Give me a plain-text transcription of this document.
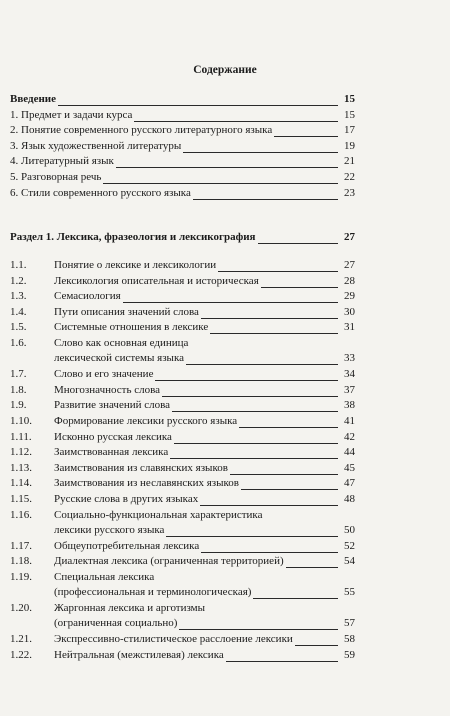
Содержание
Введение	15
1. Предмет и задачи курса	15
2. Понятие современного русского литературного языка	17
3. Язык художественной литературы	19
4. Литературный язык	21
5. Разговорная речь	22
6. Стили современного русского языка	23
Раздел 1. Лексика, фразеология и лексикография	27
1.1.	Понятие о лексике и лексикологии	27
1.2.	Лексикология описательная и историческая	28
1.3.	Семасиология	29
1.4.	Пути описания значений слова	30
1.5.	Системные отношения в лексике	31
1.6.	Слово как основная единица
лексической системы языка	33
1.7.	Слово и его значение	34
1.8.	Многозначность слова	37
1.9.	Развитие значений слова	38
1.10. Формирование лексики русского языка	41
1.11. Исконно русская лексика	42
1.12. Заимствованная лексика	44
1.13. Заимствования из славянских языков	45
1.14. Заимствования из неславянских языков	47
1.15. Русские слова в других языках	48
1.16. Социально-функциональная характеристика
лексики русского языка	50
1.17. Общеупотребительная лексика	52
1.18. Диалектная лексика (ограниченная территорией)	54
1.19. Специальная лексика
(профессиональная и терминологическая)	55
1.20. Жаргонная лексика и арготизмы
(ограниченная социально)	57
1.21. Экспрессивно-стилистическое расслоение лексики	58
1.22. Нейтральная (межстилевая) лексика	59
